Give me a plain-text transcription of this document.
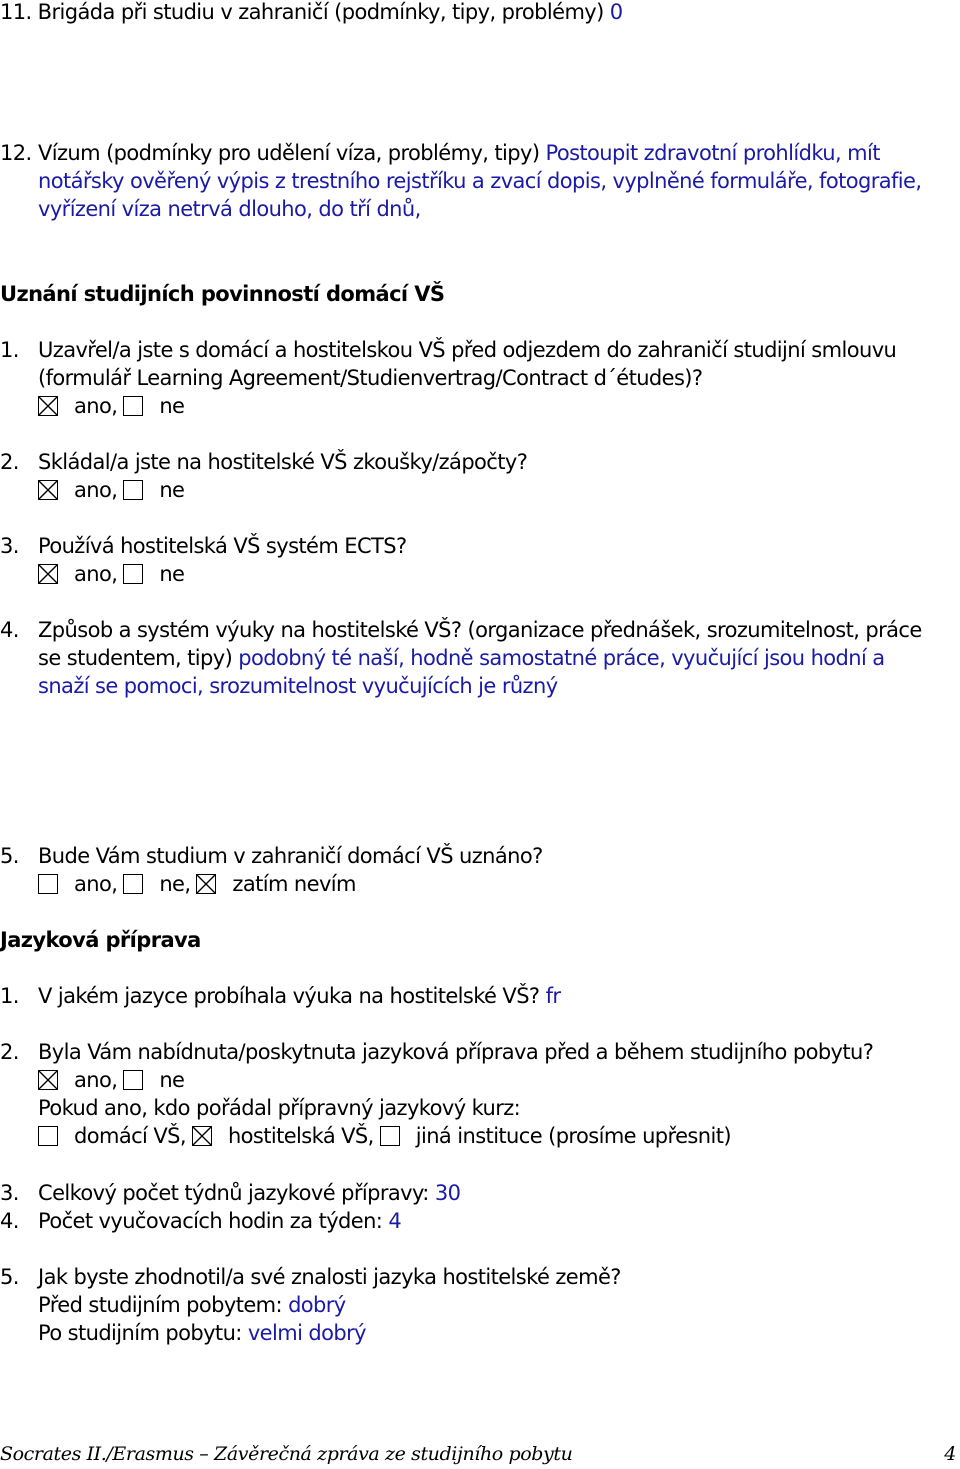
11. Brigáda při studiu v zahraničí (podmínky, tipy, problémy) 0
12. Vízum (podmínky pro udělení víza, problémy, tipy) Postoupit zdravotní prohlídku, mít
notářsky ověřený výpis z trestního rejstříku a zvací dopis, vyplněné formuláře, fotografie,
vyřízení víza netrvá dlouho, do tří dnů,
Uznání studijních povinností domácí VŠ
1. Uzavřel/a jste s domácí a hostitelskou VŠ před odjezdem do zahraničí studijní smlouvu
(formulář Learning Agreement/Studienvertrag/Contract d´études)?
ano, ne
2. Skládal/a jste na hostitelské VŠ zkoušky/zápočty?
ano, ne
3. Používá hostitelská VŠ systém ECTS?
ano, ne
4. Způsob a systém výuky na hostitelské VŠ? (organizace přednášek, srozumitelnost, práce
se studentem, tipy) podobný té naší, hodně samostatné práce, vyučující jsou hodní a
snaží se pomoci, srozumitelnost vyučujících je různý
5. Bude Vám studium v zahraničí domácí VŠ uznáno?
ano, ne, zatím nevím
Jazyková příprava
1. V jakém jazyce probíhala výuka na hostitelské VŠ? fr
2. Byla Vám nabídnuta/poskytnuta jazyková příprava před a během studijního pobytu?
ano, ne
Pokud ano, kdo pořádal přípravný jazykový kurz:
domácí VŠ, hostitelská VŠ, jiná instituce (prosíme upřesnit)
3. Celkový počet týdnů jazykové přípravy: 30
4. Počet vyučovacích hodin za týden: 4
5. Jak byste zhodnotil/a své znalosti jazyka hostitelské země?
Před studijním pobytem: dobrý
Po studijním pobytu: velmi dobrý
Socrates II./Erasmus – Závěrečná zpráva ze studijního pobytu	4
